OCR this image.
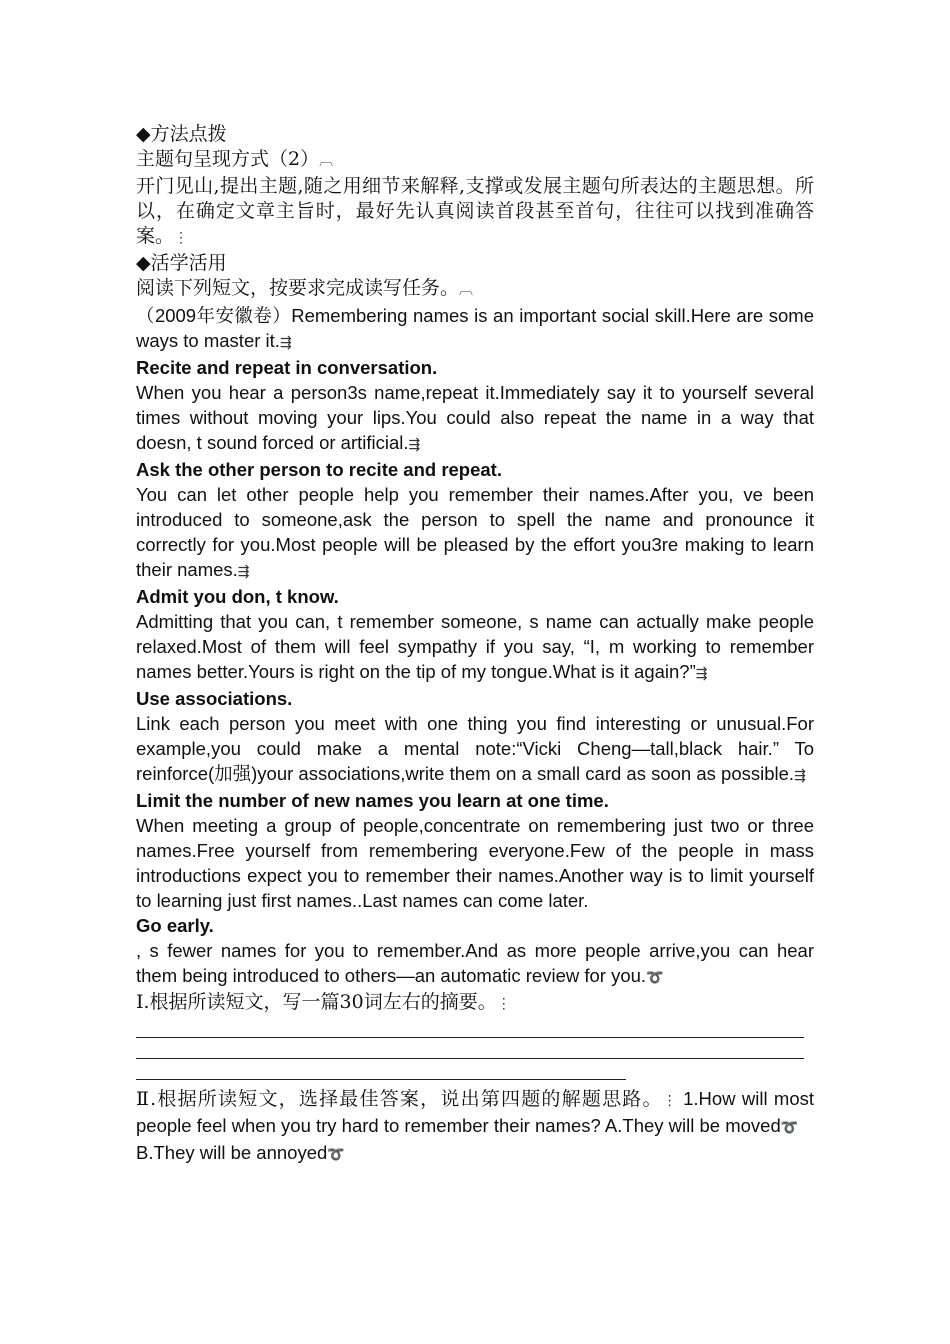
◆方法点拨

主题句呈现方式（2）︹

开门见山,提出主题,随之用细节来解释,支撑或发展主题句所表达的主题思想。所以，在确定文章主旨时，最好先认真阅读首段甚至首句，往往可以找到准确答案。⋮

◆活学活用

阅读下列短文，按要求完成读写任务。︹

（2009年安徽卷）Remembering names is an important social skill.Here are some ways to master it.⇶

Recite and repeat in conversation.

When you hear a person3s name,repeat it.Immediately say it to yourself several times without moving your lips.You could also repeat the name in a way that doesn, t sound forced or artificial.⇶

Ask the other person to recite and repeat.

You can let other people help you remember their names.After you, ve been introduced to someone,ask the person to spell the name and pronounce it correctly for you.Most people will be pleased by the effort you3re making to learn their names.⇶

Admit you don, t know.

Admitting that you can, t remember someone, s name can actually make people relaxed.Most of them will feel sympathy if you say, “I, m working to remember names better.Yours is right on the tip of my tongue.What is it again?”⇶

Use associations.

Link each person you meet with one thing you find interesting or unusual.For example,you could make a mental note:“Vicki Cheng—tall,black hair.” To reinforce(加强)your associations,write them on a small card as soon as possible.⇶

Limit the number of new names you learn at one time.

When meeting a group of people,concentrate on remembering just two or three names.Free yourself from remembering everyone.Few of the people in mass introductions expect you to remember their names.Another way is to limit yourself to learning just first names..Last names can come later.

Go early.

, s fewer names for you to remember.And as more people arrive,you can hear them being introduced to others—an automatic review for you.➰

Ⅰ.根据所读短文，写一篇30词左右的摘要。⋮

Ⅱ.根据所读短文，选择最佳答案，说出第四题的解题思路。⋮ 1.How will most people feel when you try hard to remember their names? A.They will be moved➰

B.They will be annoyed➰
